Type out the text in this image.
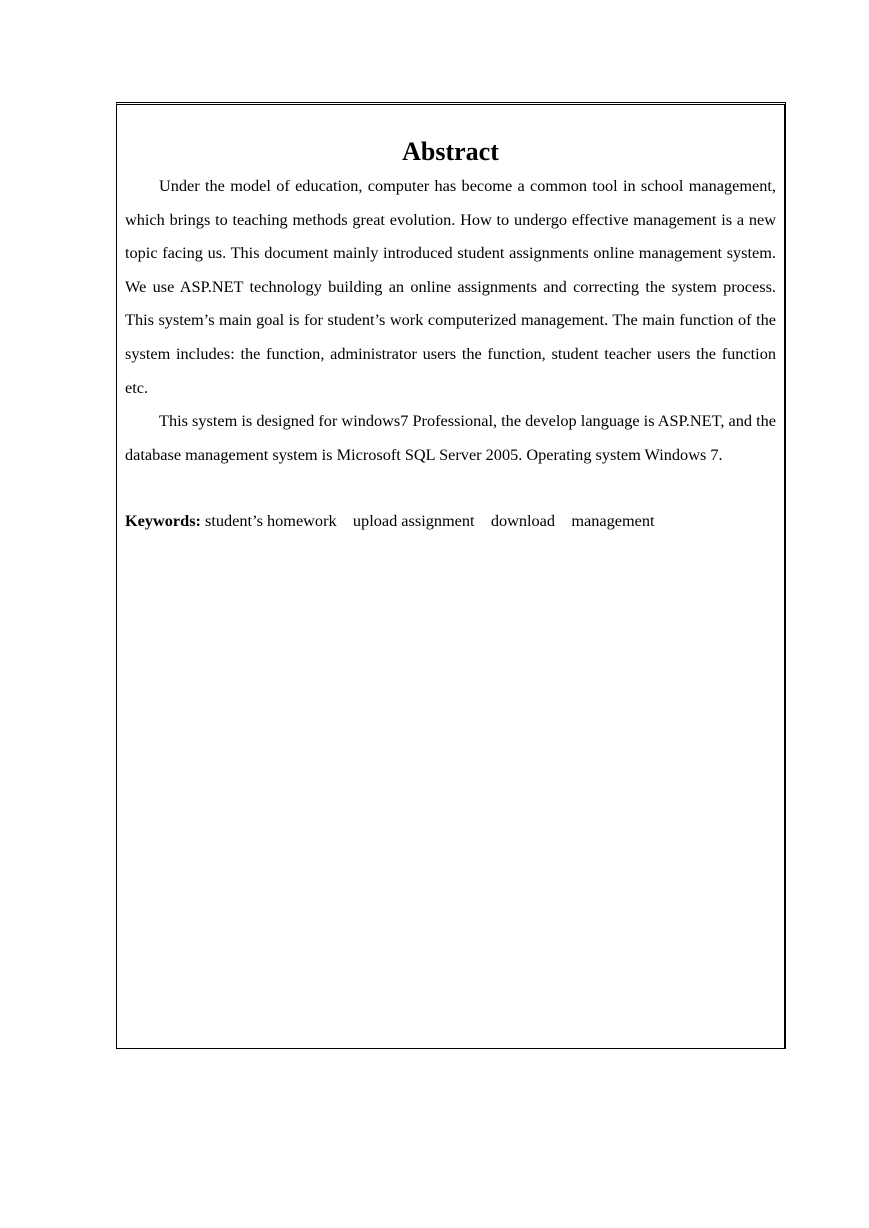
Abstract

Under the model of education, computer has become a common tool in school management, which brings to teaching methods great evolution. How to undergo effective management is a new topic facing us. This document mainly introduced student assignments online management system. We use ASP.NET technology building an online assignments and correcting the system process. This system’s main goal is for student’s work computerized management. The main function of the system includes: the function, administrator users the function, student teacher users the function etc.

This system is designed for windows7 Professional, the develop language is ASP.NET, and the database management system is Microsoft SQL Server 2005. Operating system Windows 7.

Keywords: student’s homework    upload assignment    download    management
